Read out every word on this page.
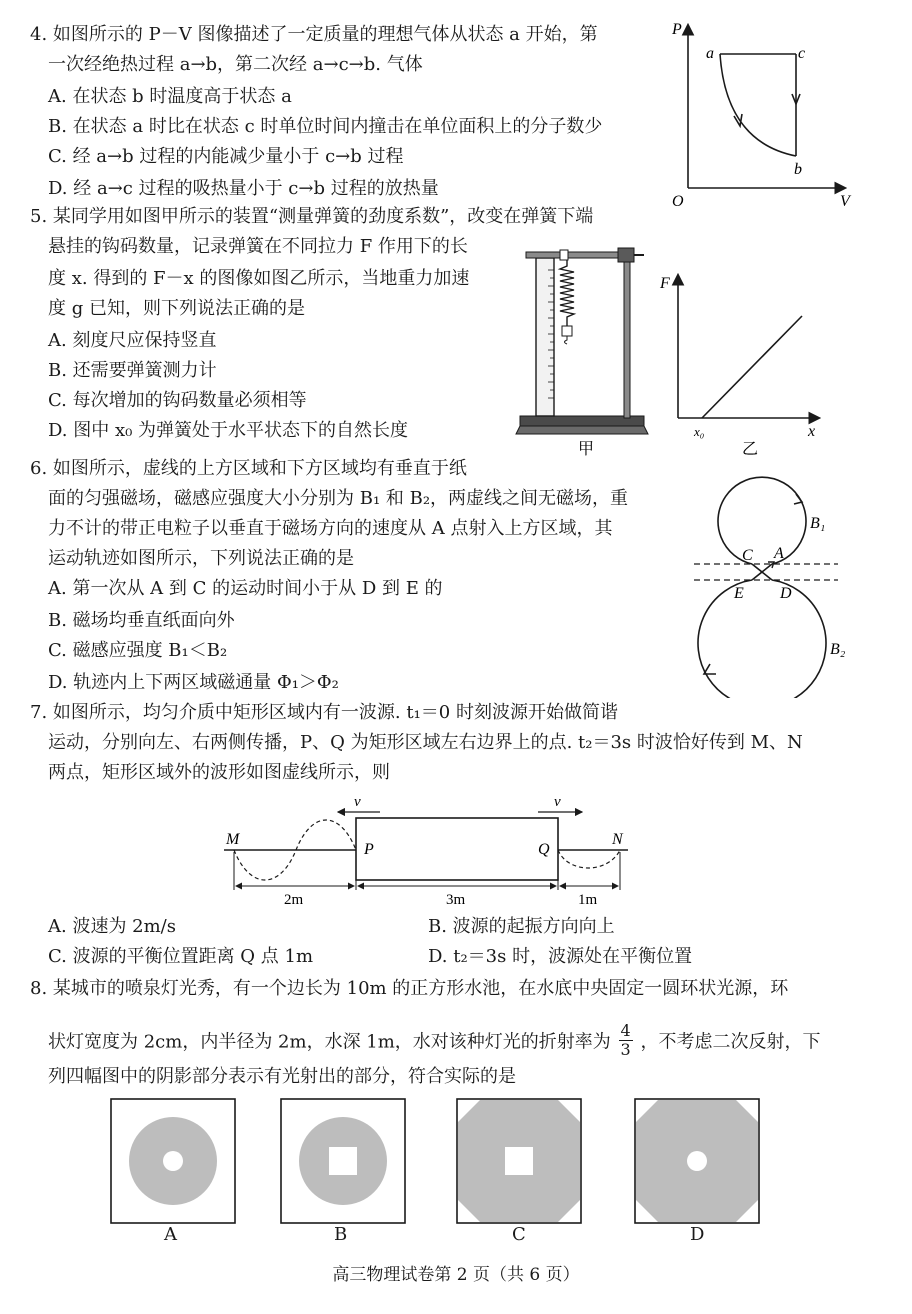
4. 如图所示的 P－V 图像描述了一定质量的理想气体从状态 a 开始，第
一次经绝热过程 a→b，第二次经 a→c→b. 气体
A. 在状态 b 时温度高于状态 a
B. 在状态 a 时比在状态 c 时单位时间内撞击在单位面积上的分子数少
C. 经 a→b 过程的内能减少量小于 c→b 过程
D. 经 a→c 过程的吸热量小于 c→b 过程的放热量
P
V
O
a	c
b
5. 某同学用如图甲所示的装置“测量弹簧的劲度系数”，改变在弹簧下端
悬挂的钩码数量，记录弹簧在不同拉力 F 作用下的长
度 x. 得到的 F－x 的图像如图乙所示，当地重力加速
度 g 已知，则下列说法正确的是
A. 刻度尺应保持竖直
B. 还需要弹簧测力计
C. 每次增加的钩码数量必须相等
D. 图中 x₀ 为弹簧处于水平状态下的自然长度
甲
F
x
x₀
乙
6. 如图所示，虚线的上方区域和下方区域均有垂直于纸
面的匀强磁场，磁感应强度大小分别为 B₁ 和 B₂，两虚线之间无磁场，重
力不计的带正电粒子以垂直于磁场方向的速度从 A 点射入上方区域，其
运动轨迹如图所示，下列说法正确的是
A. 第一次从 A 到 C 的运动时间小于从 D 到 E 的
B. 磁场均垂直纸面向外
C. 磁感应强度 B₁＜B₂
D. 轨迹内上下两区域磁通量 Φ₁＞Φ₂
B₁
B₂
C A
E D
7. 如图所示，均匀介质中矩形区域内有一波源. t₁＝0 时刻波源开始做简谐
运动，分别向左、右两侧传播，P、Q 为矩形区域左右边界上的点. t₂＝3s 时波恰好传到 M、N
两点，矩形区域外的波形如图虚线所示，则
v	v
M
P	Q
N
2m	3m	1m
A. 波速为 2m/s	B. 波源的起振方向向上
C. 波源的平衡位置距离 Q 点 1m	D. t₂＝3s 时，波源处在平衡位置
8. 某城市的喷泉灯光秀，有一个边长为 10m 的正方形水池，在水底中央固定一圆环状光源，环
状灯宽度为 2cm，内半径为 2m，水深 1m，水对该种灯光的折射率为 $\frac{4}{3}$ ，不考虑二次反射，下
列四幅图中的阴影部分表示有光射出的部分，符合实际的是
A	B	C	D
高三物理试卷第 2 页（共 6 页）
